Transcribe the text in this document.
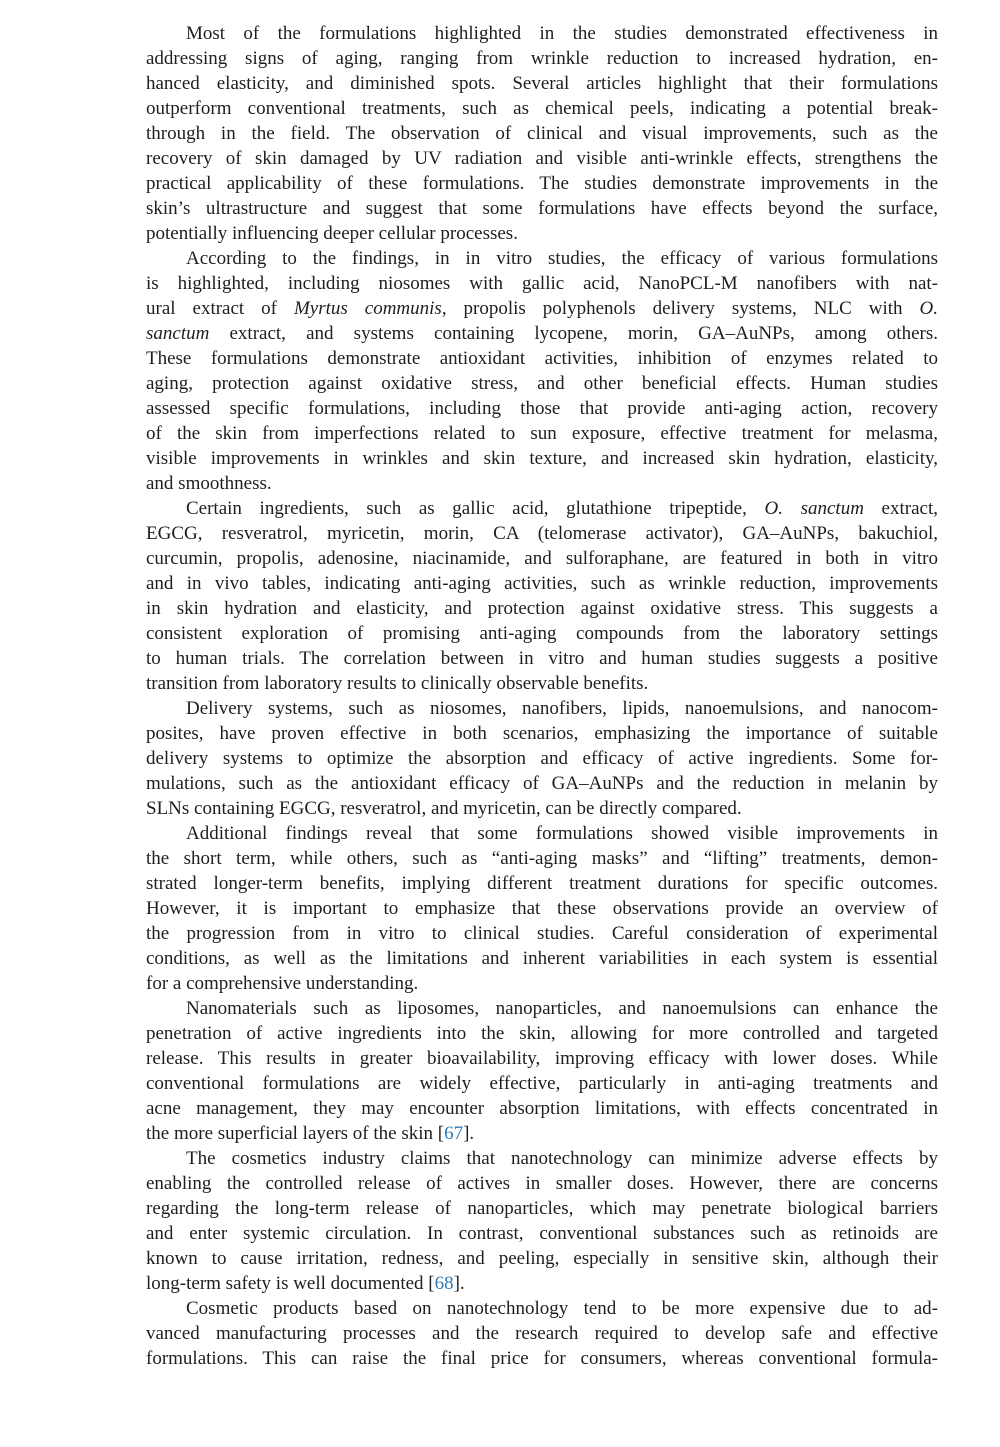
Most of the formulations highlighted in the studies demonstrated effectiveness in
addressing signs of aging, ranging from wrinkle reduction to increased hydration, en-
hanced elasticity, and diminished spots. Several articles highlight that their formulations
outperform conventional treatments, such as chemical peels, indicating a potential break-
through in the field. The observation of clinical and visual improvements, such as the
recovery of skin damaged by UV radiation and visible anti-wrinkle effects, strengthens the
practical applicability of these formulations. The studies demonstrate improvements in the
skin’s ultrastructure and suggest that some formulations have effects beyond the surface,
potentially influencing deeper cellular processes.
According to the findings, in in vitro studies, the efficacy of various formulations
is highlighted, including niosomes with gallic acid, NanoPCL-M nanofibers with nat-
ural extract of Myrtus communis, propolis polyphenols delivery systems, NLC with O.
sanctum extract, and systems containing lycopene, morin, GA–AuNPs, among others.
These formulations demonstrate antioxidant activities, inhibition of enzymes related to
aging, protection against oxidative stress, and other beneficial effects. Human studies
assessed specific formulations, including those that provide anti-aging action, recovery
of the skin from imperfections related to sun exposure, effective treatment for melasma,
visible improvements in wrinkles and skin texture, and increased skin hydration, elasticity,
and smoothness.
Certain ingredients, such as gallic acid, glutathione tripeptide, O. sanctum extract,
EGCG, resveratrol, myricetin, morin, CA (telomerase activator), GA–AuNPs, bakuchiol,
curcumin, propolis, adenosine, niacinamide, and sulforaphane, are featured in both in vitro
and in vivo tables, indicating anti-aging activities, such as wrinkle reduction, improvements
in skin hydration and elasticity, and protection against oxidative stress. This suggests a
consistent exploration of promising anti-aging compounds from the laboratory settings
to human trials. The correlation between in vitro and human studies suggests a positive
transition from laboratory results to clinically observable benefits.
Delivery systems, such as niosomes, nanofibers, lipids, nanoemulsions, and nanocom-
posites, have proven effective in both scenarios, emphasizing the importance of suitable
delivery systems to optimize the absorption and efficacy of active ingredients. Some for-
mulations, such as the antioxidant efficacy of GA–AuNPs and the reduction in melanin by
SLNs containing EGCG, resveratrol, and myricetin, can be directly compared.
Additional findings reveal that some formulations showed visible improvements in
the short term, while others, such as “anti-aging masks” and “lifting” treatments, demon-
strated longer-term benefits, implying different treatment durations for specific outcomes.
However, it is important to emphasize that these observations provide an overview of
the progression from in vitro to clinical studies. Careful consideration of experimental
conditions, as well as the limitations and inherent variabilities in each system is essential
for a comprehensive understanding.
Nanomaterials such as liposomes, nanoparticles, and nanoemulsions can enhance the
penetration of active ingredients into the skin, allowing for more controlled and targeted
release. This results in greater bioavailability, improving efficacy with lower doses. While
conventional formulations are widely effective, particularly in anti-aging treatments and
acne management, they may encounter absorption limitations, with effects concentrated in
the more superficial layers of the skin [67].
The cosmetics industry claims that nanotechnology can minimize adverse effects by
enabling the controlled release of actives in smaller doses. However, there are concerns
regarding the long-term release of nanoparticles, which may penetrate biological barriers
and enter systemic circulation. In contrast, conventional substances such as retinoids are
known to cause irritation, redness, and peeling, especially in sensitive skin, although their
long-term safety is well documented [68].
Cosmetic products based on nanotechnology tend to be more expensive due to ad-
vanced manufacturing processes and the research required to develop safe and effective
formulations. This can raise the final price for consumers, whereas conventional formula-
